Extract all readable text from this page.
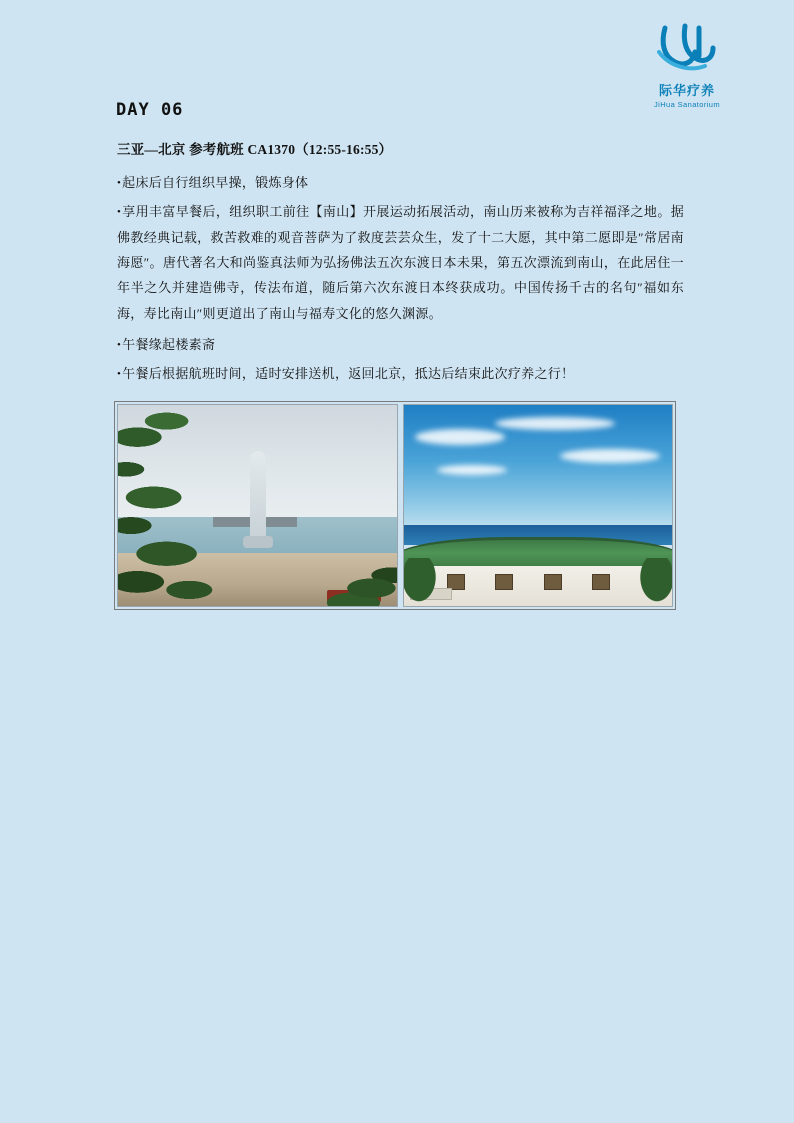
际华疗养
JiHua Sanatorium
DAY 06
三亚—北京 参考航班 CA1370（12:55-16:55）

•起床后自行组织早操，锻炼身体

•享用丰富早餐后，组织职工前往【南山】开展运动拓展活动，南山历来被称为吉祥福泽之地。据佛教经典记载，救苦救难的观音菩萨为了救度芸芸众生，发了十二大愿，其中第二愿即是″常居南海愿″。唐代著名大和尚鉴真法师为弘扬佛法五次东渡日本未果，第五次漂流到南山，在此居住一年半之久并建造佛寺，传法布道，随后第六次东渡日本终获成功。中国传扬千古的名句″福如东海，寿比南山″则更道出了南山与福寿文化的悠久渊源。

•午餐缘起楼素斋

•午餐后根据航班时间，适时安排送机，返回北京，抵达后结束此次疗养之行！
